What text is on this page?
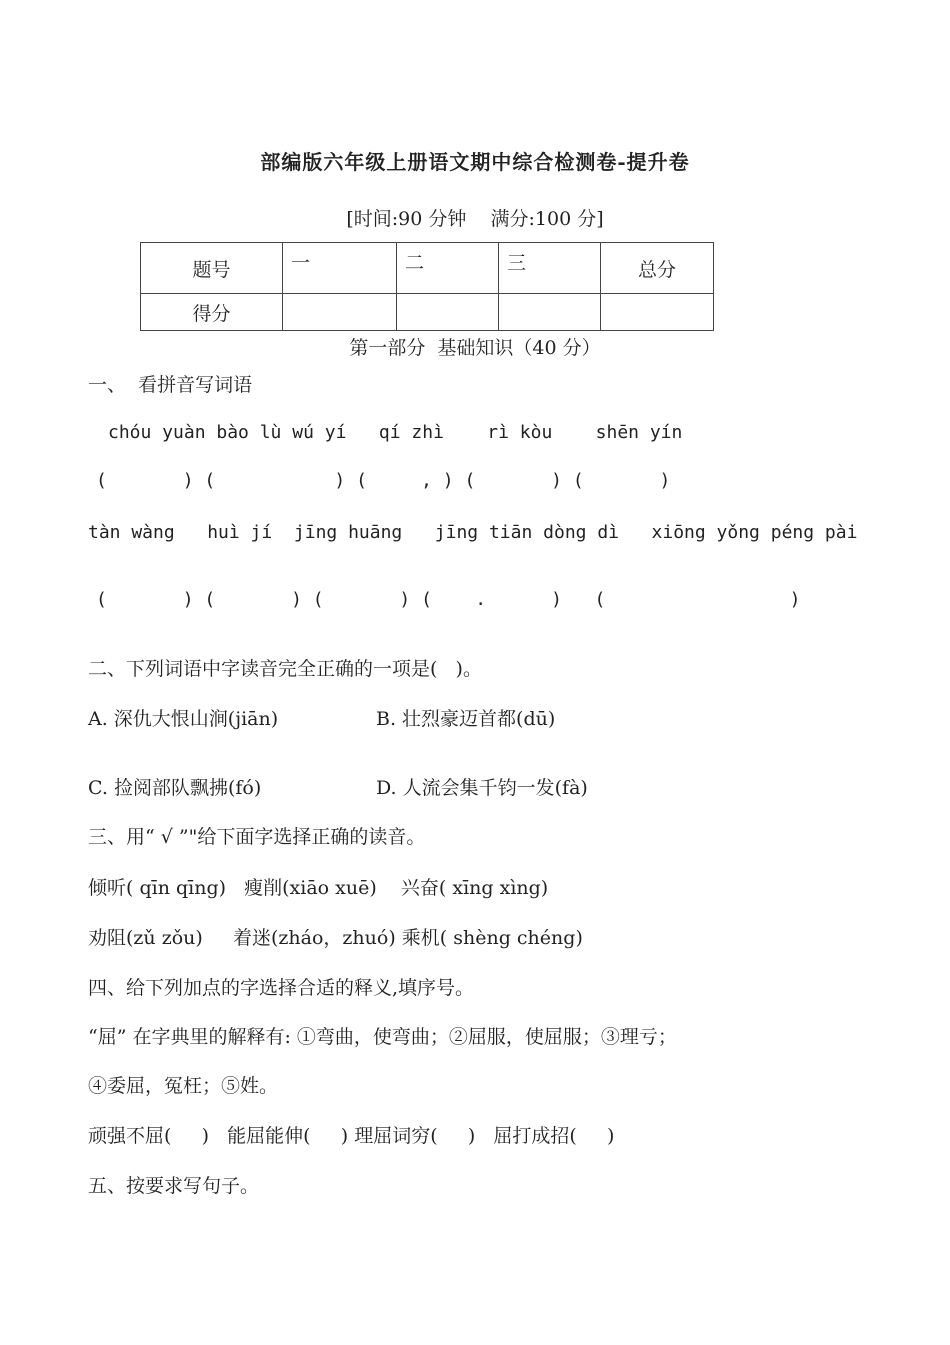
部编版六年级上册语文期中综合检测卷-提升卷
[时间:90 分钟    满分:100 分]
题号	一	二	三	总分
得分				
第一部分  基础知识（40 分）
一、  看拼音写词语
chóu yuàn bào lù wú yí   qí zhì    rì kòu    shēn yín
(       ) (           ) (     , ) (       ) (       )
tàn wàng   huì jí  jīng huāng   jīng tiān dòng dì   xiōng yǒng péng pài
(       ) (       ) (       ) (    .      )   (                 )
二、下列词语中字读音完全正确的一项是(   )。
A. 深仇大恨山涧(jiān)	B. 壮烈豪迈首都(dū)
C. 捡阅部队飘拂(fó)	D. 人流会集千钧一发(fà)
三、用“ √ ”"给下面字选择正确的读音。
倾听( qīn qīng)   瘦削(xiāo xuē)    兴奋( xīng xìng)
劝阻(zǔ zǒu)     着迷(zháo，zhuó) 乘机( shèng chéng)
四、给下列加点的字选择合适的释义,填序号。
“屈” 在字典里的解释有: ①弯曲，使弯曲；②屈服，使屈服；③理亏；
④委屈，冤枉；⑤姓。
顽强不屈(     )   能屈能伸(     ) 理屈词穷(     )   屈打成招(     )
五、按要求写句子。
